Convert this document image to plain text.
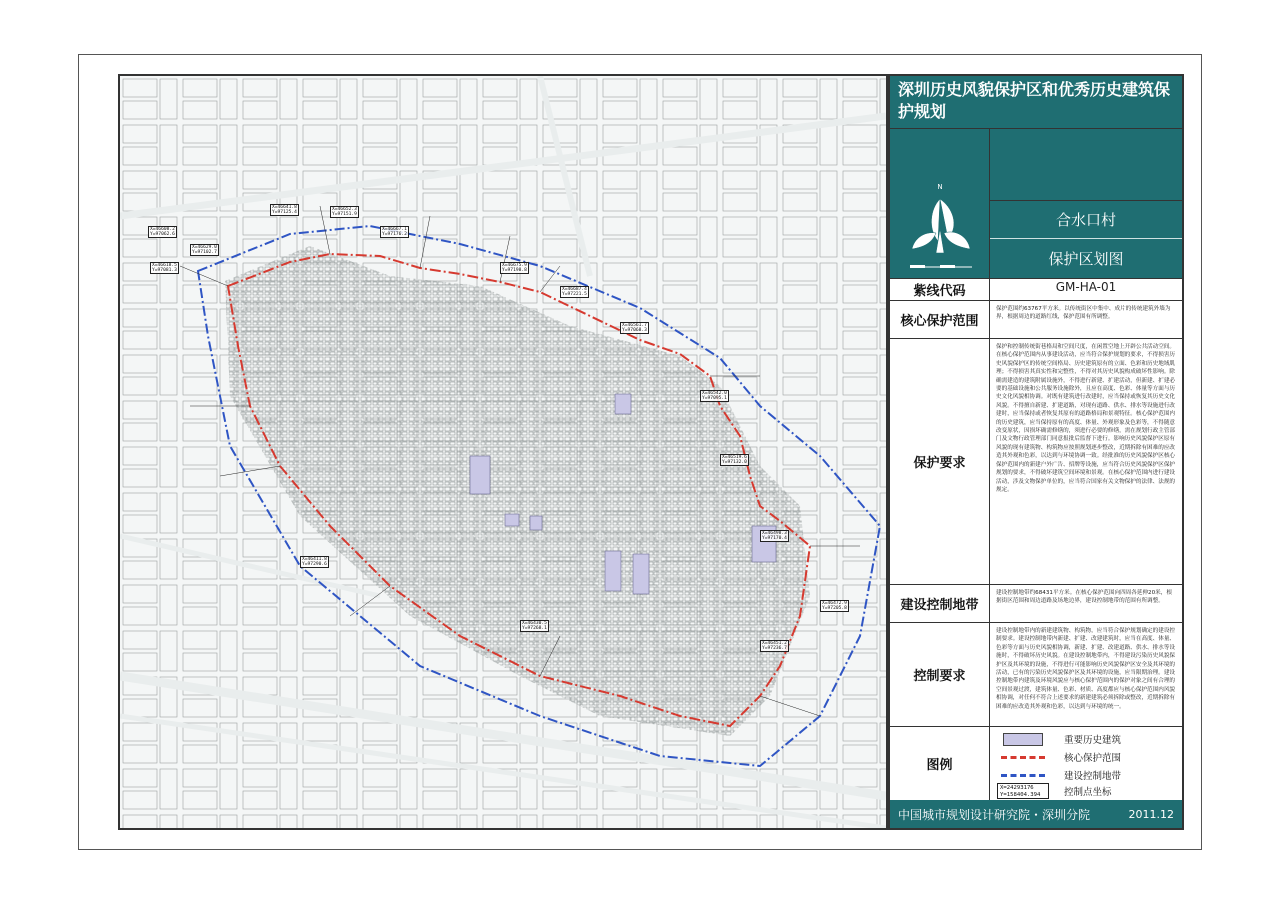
X=46608.2
Y=97062.6
X=46618.5
Y=97081.3
X=46629.0
Y=97102.7
X=46641.8
Y=97125.4
X=46652.3
Y=97151.9
X=46667.1
Y=97176.2
X=46675.9
Y=97198.8
X=46687.4
Y=97221.5
X=46561.7
Y=97068.3
X=46542.0
Y=97095.1
X=46519.6
Y=97132.0
X=46498.3
Y=97170.4
X=46472.9
Y=97205.8
X=46451.2
Y=97236.7
X=46430.5
Y=97268.1
X=46411.8
Y=97290.6
深圳历史风貌保护区和优秀历史建筑保护规划
N
合水口村
保护区划图
紫线代码	GM-HA-01
核心保护范围
保护范围约63767平方米。以传统街区中集中、成片的传统建筑外墙为界，根据周边的道路红线，保护范围有所调整。
保护要求
保护和控制传统街巷格局和空间尺度，在闲置空地上开辟公共活动空间。在核心保护范围内从事建设活动，应当符合保护规划的要求，不得损害历史风貌保护区的传统空间格局、历史建筑原有的立面、色彩和历史地域肌理；不得损害其真实性和完整性，不得对其历史风貌构成破坏性影响。除确需建造的建筑附属设施外，不得进行新建、扩建活动，但新建、扩建必要的基础设施和公共服务设施除外，且应在高度、色彩、体量等方面与历史文化风貌相协调。对既有建筑进行改建时，应当保持或恢复其历史文化风貌。不得擅自新建、扩建道路，对现有道路、供水、排水等设施进行改建时，应当保持或者恢复其原有的道路格局和景观特征。核心保护范围内的历史建筑，应当保持原有的高度、体量、外观形象及色彩等，不得随意改变原状，因损坏确需修缮的，须进行必要的修缮，需在规划行政主管部门及文物行政管理部门同意报批后监督下进行。影响历史风貌保护区原有风貌的现有建筑物、构筑物应按照规划逐步整改，近期拆除有困难的应改造其外观和色彩，以达到与环境协调一致。经批准的历史风貌保护区核心保护范围内的新建户外广告、招牌等设施，应当符合历史风貌保护区保护规划的要求，不得破坏建筑空间环境和景观。在核心保护范围内进行建设活动，涉及文物保护单位的，应当符合国家有关文物保护的法律、法规的规定。
建设控制地带
建设控制地带约68431平方米。在核心保护范围向四周各延伸20米，根据街区范围和周边道路及场地边界，建设控制地带的范围有所调整。
控制要求
建设控制地带内的新建建筑物、构筑物，应当符合保护规划确定的建设控制要求。建设控制地带内新建、扩建、改建建筑时，应当在高度、体量、色彩等方面与历史风貌相协调，新建、扩建、改建道路、供水、排水等设施时，不得破坏历史风貌。在建设控制地带内，不得建设污染历史风貌保护区及其环境的设施，不得进行可能影响历史风貌保护区安全及其环境的活动，已有的污染历史风貌保护区及其环境的设施，应当限期治理。建设控制地带内建筑及环境风貌应与核心保护范围内的保护对象之间有合理的空间景观过渡，建筑体量、色彩、材质、高度都应与核心保护范围内风貌相协调，对任何不符合上述要求的新建建筑必须拆除或整改，近期拆除有困难的应改造其外观和色彩，以达到与环境的统一。
图例
重要历史建筑
核心保护范围
建设控制地带
X=24293176
Y=158404.394	控制点坐标
中国城市规划设计研究院・深圳分院	2011.12
